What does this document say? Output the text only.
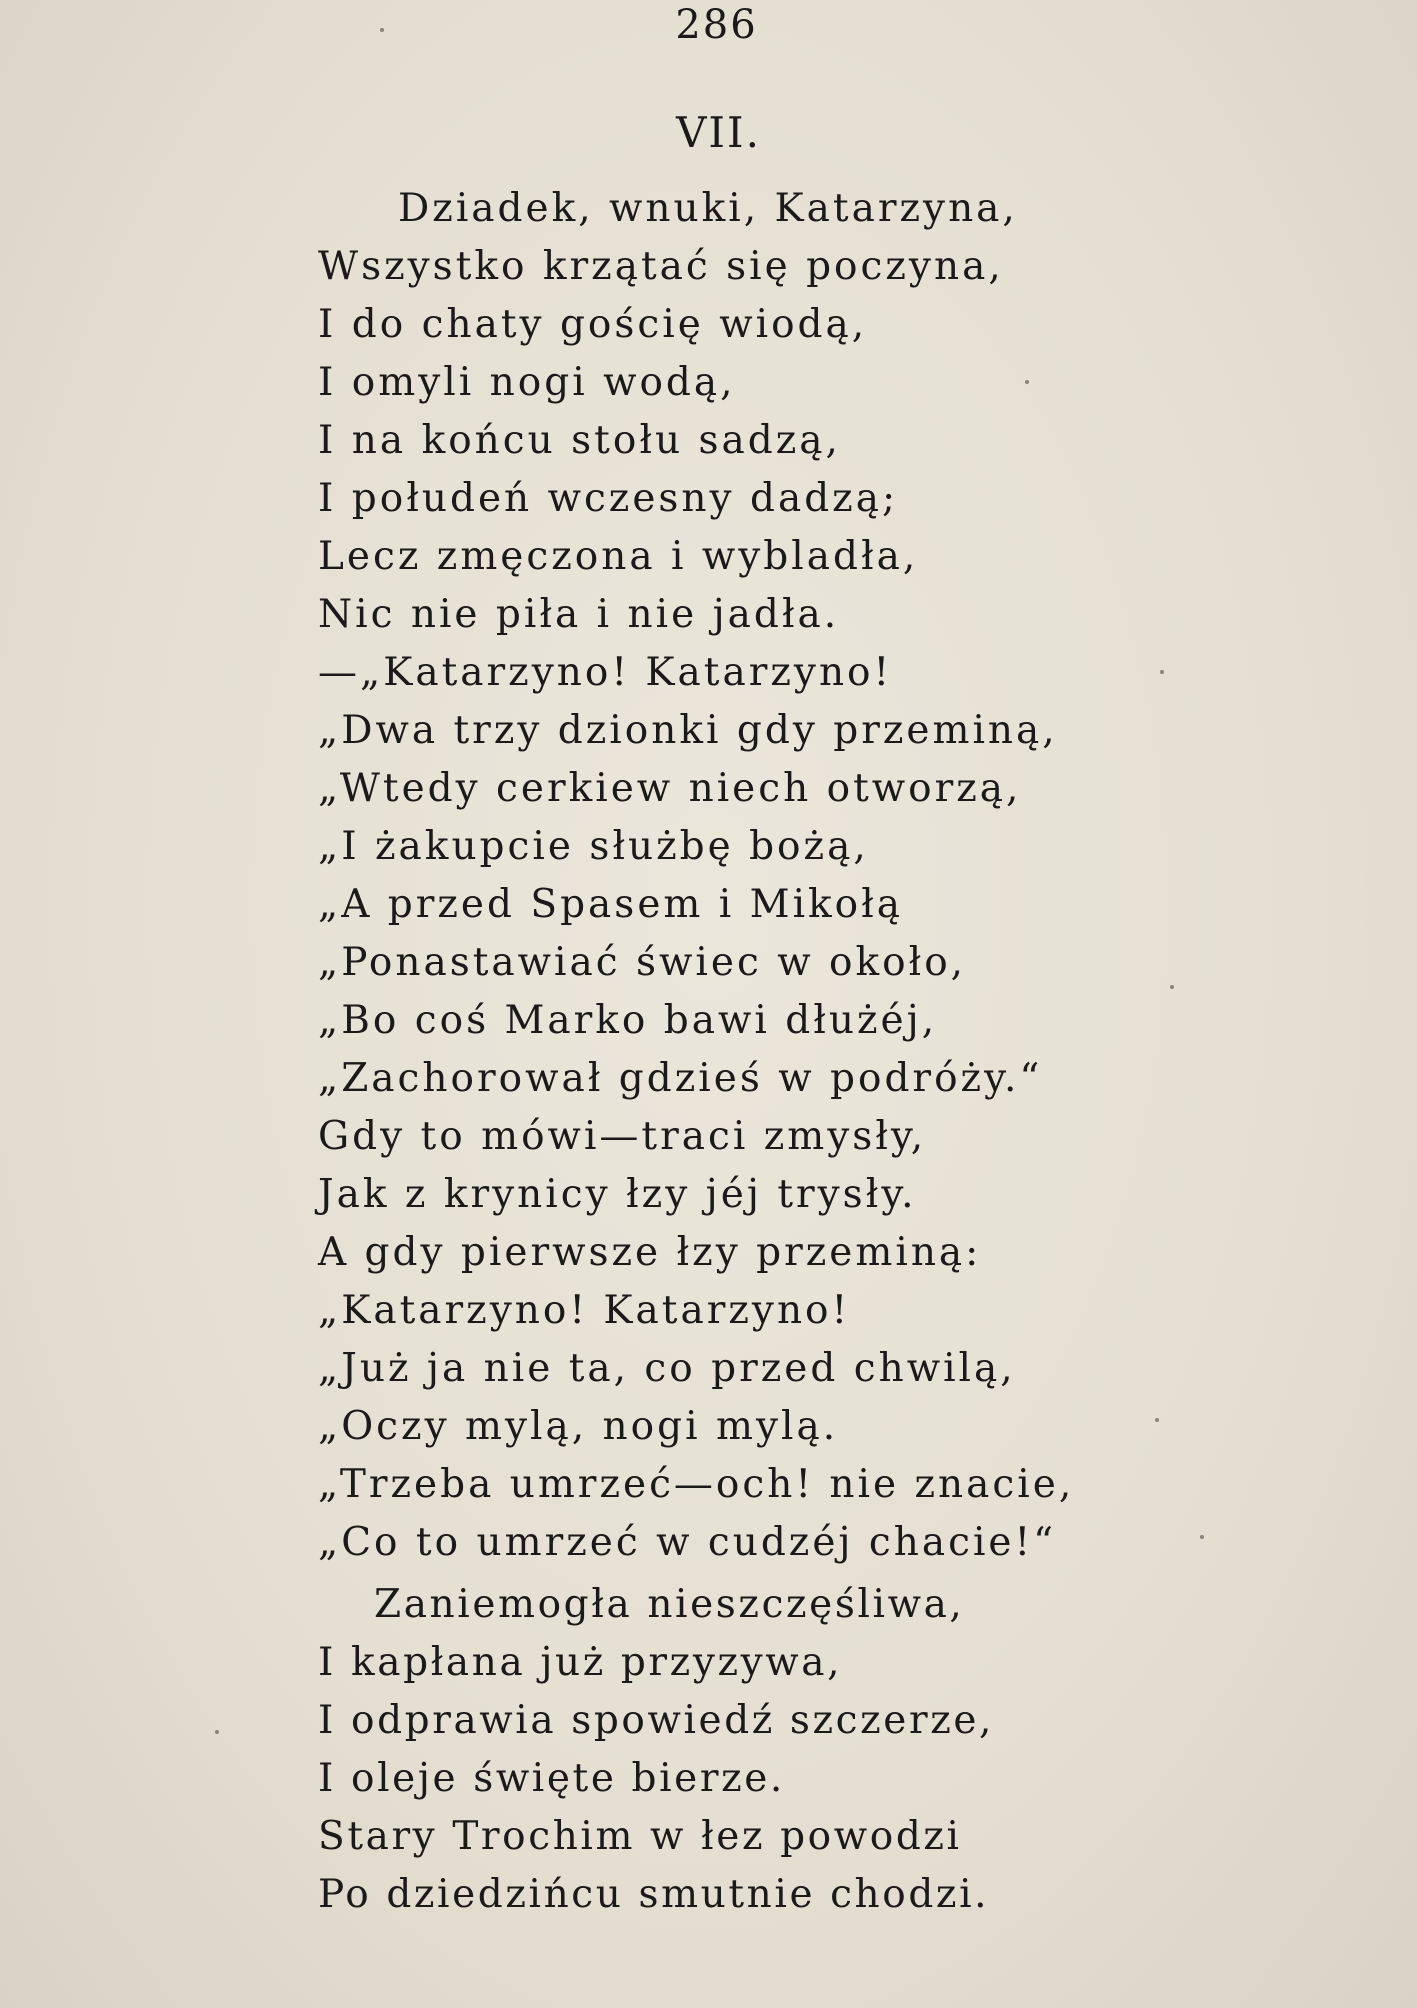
286
VII.
Dziadek, wnuki, Katarzyna,
Wszystko krzątać się poczyna,
I do chaty gościę wiodą,
I omyli nogi wodą,
I na końcu stołu sadzą,
I połudeń wczesny dadzą;
Lecz zmęczona i wybladła,
Nic nie piła i nie jadła.
—„Katarzyno! Katarzyno!
„Dwa trzy dzionki gdy przeminą,
„Wtedy cerkiew niech otworzą,
„I żakupcie służbę bożą,
„A przed Spasem i Mikołą
„Ponastawiać świec w około,
„Bo coś Marko bawi dłużéj,
„Zachorował gdzieś w podróży.“
Gdy to mówi—traci zmysły,
Jak z krynicy łzy jéj trysły.
A gdy pierwsze łzy przeminą:
„Katarzyno! Katarzyno!
„Już ja nie ta, co przed chwilą,
„Oczy mylą, nogi mylą.
„Trzeba umrzeć—och! nie znacie,
„Co to umrzeć w cudzéj chacie!“
Zaniemogła nieszczęśliwa,
I kapłana już przyzywa,
I odprawia spowiedź szczerze,
I oleje święte bierze.
Stary Trochim w łez powodzi
Po dziedzińcu smutnie chodzi.
